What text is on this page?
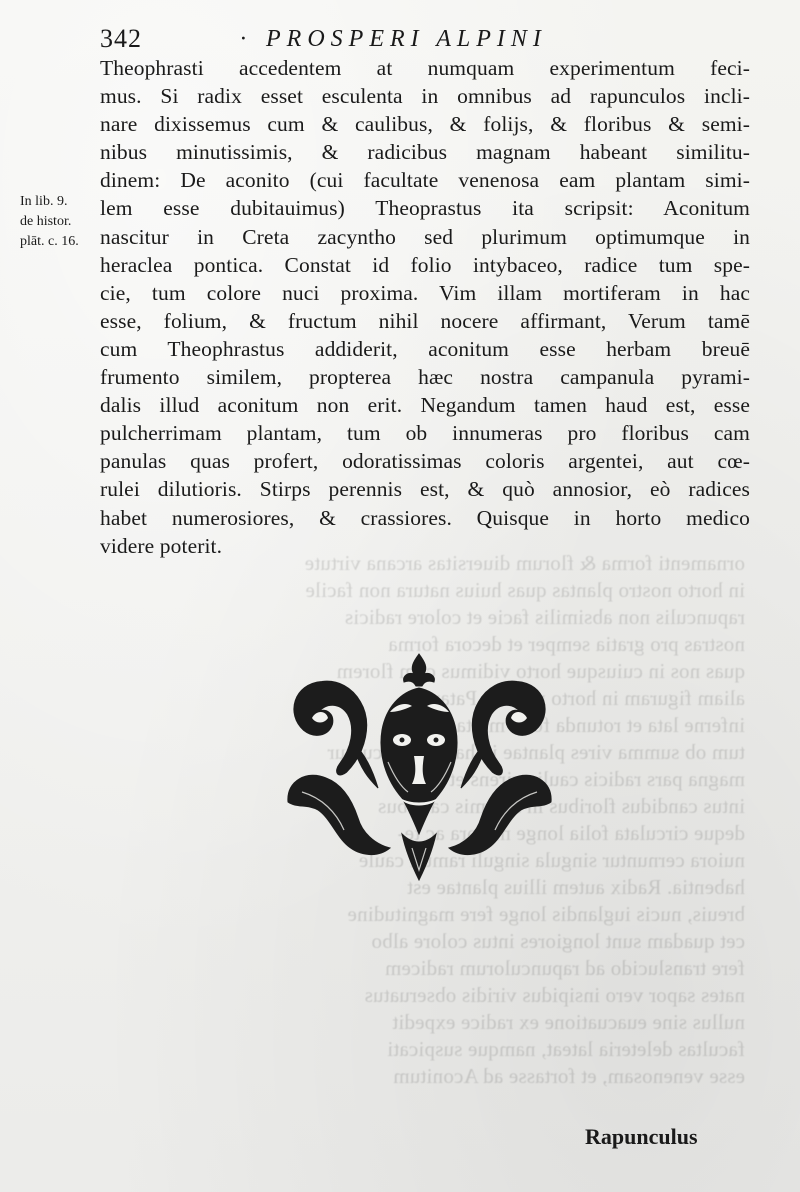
ornamenti forma & florum diuersitas arcana virtute
in horto nostro plantas quas huius natura non facile
rapunculis non absimilis facie et colore radicis
nostras pro gratia semper et decora forma
quas nos in cuiusque horto vidimus cum florem
aliam figuram in horto medico Patauino
inferne lata et rotunda folia multa crescit
tum ob summa vires plantae in hac esse dicuntur
magna pars radicis caulis virens et multa
intus candidus floribus in summis caulibus
deque circulata folia longe minora ac te-
nuiora cernuntur singula singuli ramuli caule
habentia. Radix autem illius plantae est
breuis, nucis iuglandis longe fere magnitudine
cet quadam sunt longiores intus colore albo
fere translucido ad rapunculorum radicem
nates sapor vero insipidus viridis obseruatus
nullus sine euacuatione ex radice expedit
facultas deleteria lateat, namque suspicati
esse venenosam, et fortasse ad Aconitum
342	· PROSPERI ALPINI
In lib. 9.
de histor.
plāt. c. 16.
Theophrasti accedentem at numquam experimentum feci-
mus. Si radix esset esculenta in omnibus ad rapunculos incli-
nare dixissemus cum & caulibus, & folijs, & floribus & semi-
nibus minutissimis, & radicibus magnam habeant similitu-
dinem: De aconito (cui facultate venenosa eam plantam simi-
lem esse dubitauimus) Theoprastus ita scripsit: Aconitum
nascitur in Creta zacyntho sed plurimum optimumque in
heraclea pontica. Constat id folio intybaceo, radice tum spe-
cie, tum colore nuci proxima. Vim illam mortiferam in hac
esse, folium, & fructum nihil nocere affirmant, Verum tamē
cum Theophrastus addiderit, aconitum esse herbam breuē
frumento similem, propterea hæc nostra campanula pyrami-
dalis illud aconitum non erit. Negandum tamen haud est, esse
pulcherrimam plantam, tum ob innumeras pro floribus cam
panulas quas profert, odoratissimas coloris argentei, aut cœ-
rulei dilutioris. Stirps perennis est, & quò annosior, eò radices
habet numerosiores, & crassiores. Quisque in horto medico
videre poterit.
Rapunculus
